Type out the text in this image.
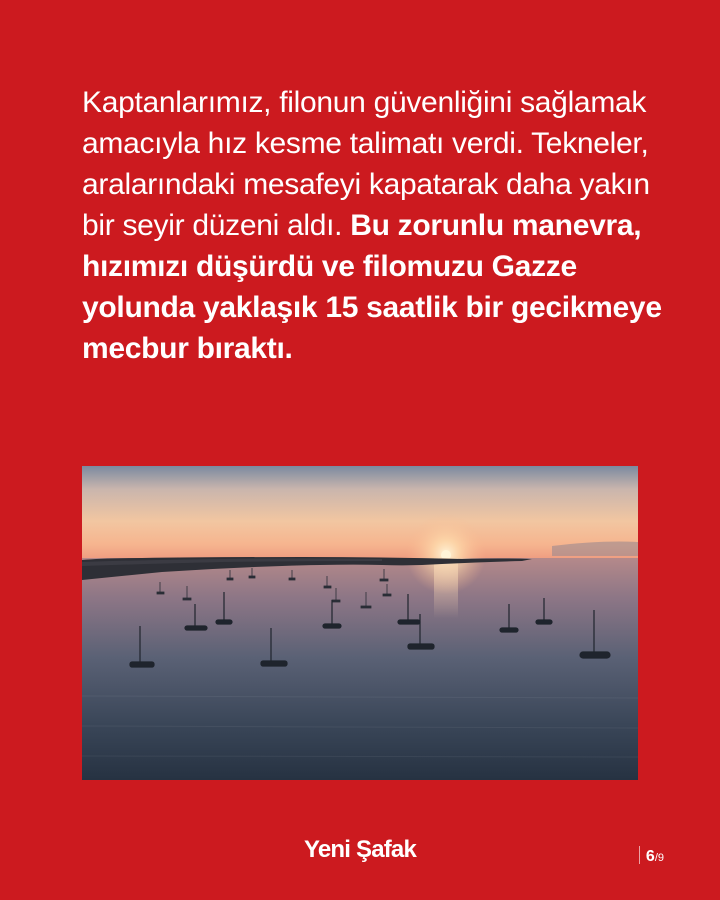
Kaptanlarımız, filonun güvenliğini sağlamak amacıyla hız kesme talimatı verdi. Tekneler, aralarındaki mesafeyi kapatarak daha yakın bir seyir düzeni aldı. Bu zorunlu manevra, hızımızı düşürdü ve filomuzu Gazze yolunda yaklaşık 15 saatlik bir gecikmeye mecbur bıraktı.
Yeni Şafak	6/9
